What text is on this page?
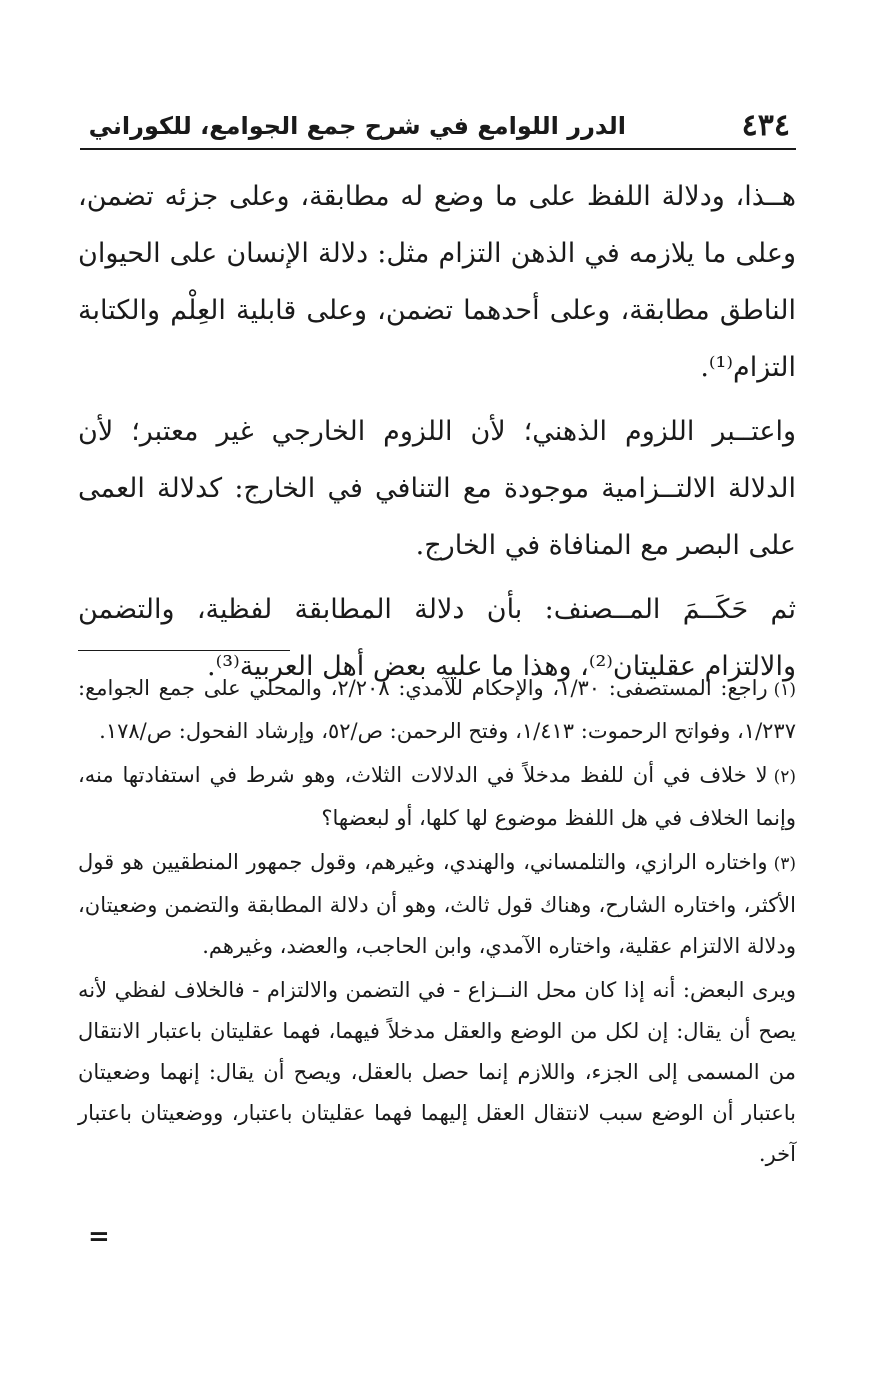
٤٣٤
الدرر اللوامع في شرح جمع الجوامع، للكوراني

هــذا، ودلالة اللفظ على ما وضع له مطابقة، وعلى جزئه تضمن، وعلى ما يلازمه في الذهن التزام مثل: دلالة الإنسان على الحيوان الناطق مطابقة، وعلى أحدهما تضمن، وعلى قابلية العِلْم والكتابة التزام⁽¹⁾.

واعتــبر اللزوم الذهني؛ لأن اللزوم الخارجي غير معتبر؛ لأن الدلالة الالتــزامية موجودة مع التنافي في الخارج: كدلالة العمى على البصر مع المنافاة في الخارج.

ثم حَكَــمَ المــصنف: بأن دلالة المطابقة لفظية، والتضمن والالتزام عقليتان⁽²⁾، وهذا ما عليه بعض أهل العربية⁽³⁾.

(١)راجع: المستصفى: ١/٣٠، والإحكام للآمدي: ٢/٢٠٨، والمحلي على جمع الجوامع: ١/٢٣٧، وفواتح الرحموت: ١/٤١٣، وفتح الرحمن: ص/٥٢، وإرشاد الفحول: ص/١٧٨.

(٢)لا خلاف في أن للفظ مدخلاً في الدلالات الثلاث، وهو شرط في استفادتها منه، وإنما الخلاف في هل اللفظ موضوع لها كلها، أو لبعضها؟

(٣)واختاره الرازي، والتلمساني، والهندي، وغيرهم، وقول جمهور المنطقيين هو قول الأكثر، واختاره الشارح، وهناك قول ثالث، وهو أن دلالة المطابقة والتضمن وضعيتان، ودلالة الالتزام عقلية، واختاره الآمدي، وابن الحاجب، والعضد، وغيرهم.

ويرى البعض: أنه إذا كان محل النــزاع - في التضمن والالتزام - فالخلاف لفظي لأنه يصح أن يقال: إن لكل من الوضع والعقل مدخلاً فيهما، فهما عقليتان باعتبار الانتقال من المسمى إلى الجزء، واللازم إنما حصل بالعقل، ويصح أن يقال: إنهما وضعيتان باعتبار أن الوضع سبب لانتقال العقل إليهما فهما عقليتان باعتبار، ووضعيتان باعتبار آخر.

=
